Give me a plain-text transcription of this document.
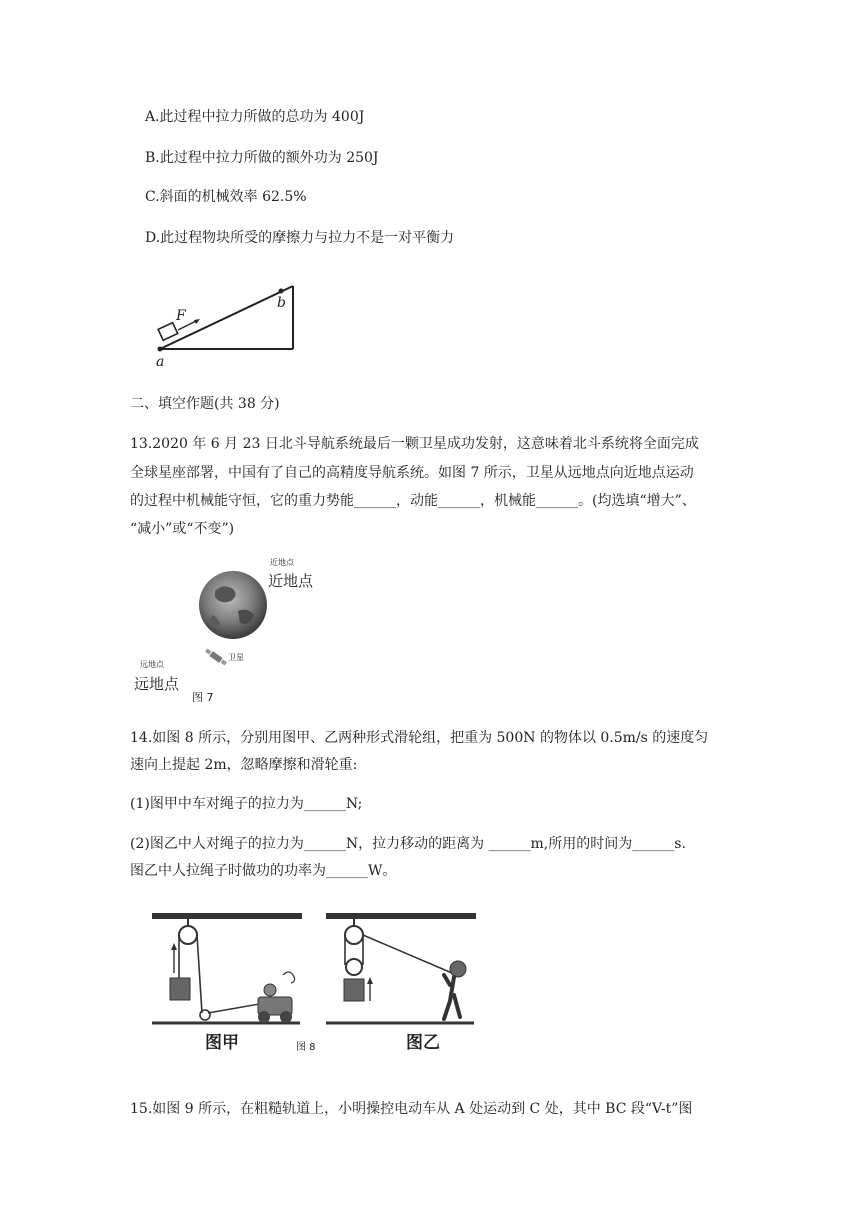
A.此过程中拉力所做的总功为 400J
B.此过程中拉力所做的额外功为 250J
C.斜面的机械效率 62.5%
D.此过程物块所受的摩擦力与拉力不是一对平衡力
F
a
b
二、填空作题(共 38 分)
13.2020 年 6 月 23 日北斗导航系统最后一颗卫星成功发射，这意味着北斗系统将全面完成
全球星座部署，中国有了自己的高精度导航系统。如图 7 所示，卫星从远地点向近地点运动
的过程中机械能守恒，它的重力势能______，动能______，机械能______。(均选填“增大”、
“减小”或“不变”)
近地点
近地点
远地点
远地点
卫星
图 7
14.如图 8 所示，分别用图甲、乙两种形式滑轮组，把重为 500N 的物体以 0.5m/s 的速度匀
速向上提起 2m，忽略摩擦和滑轮重:
(1)图甲中车对绳子的拉力为______N;
(2)图乙中人对绳子的拉力为______N，拉力移动的距离为 ______m,所用的时间为______s.
图乙中人拉绳子时做功的功率为______W。
图甲	图 8	图乙
15.如图 9 所示，在粗糙轨道上，小明操控电动车从 A 处运动到 C 处，其中 BC 段“V-t”图
